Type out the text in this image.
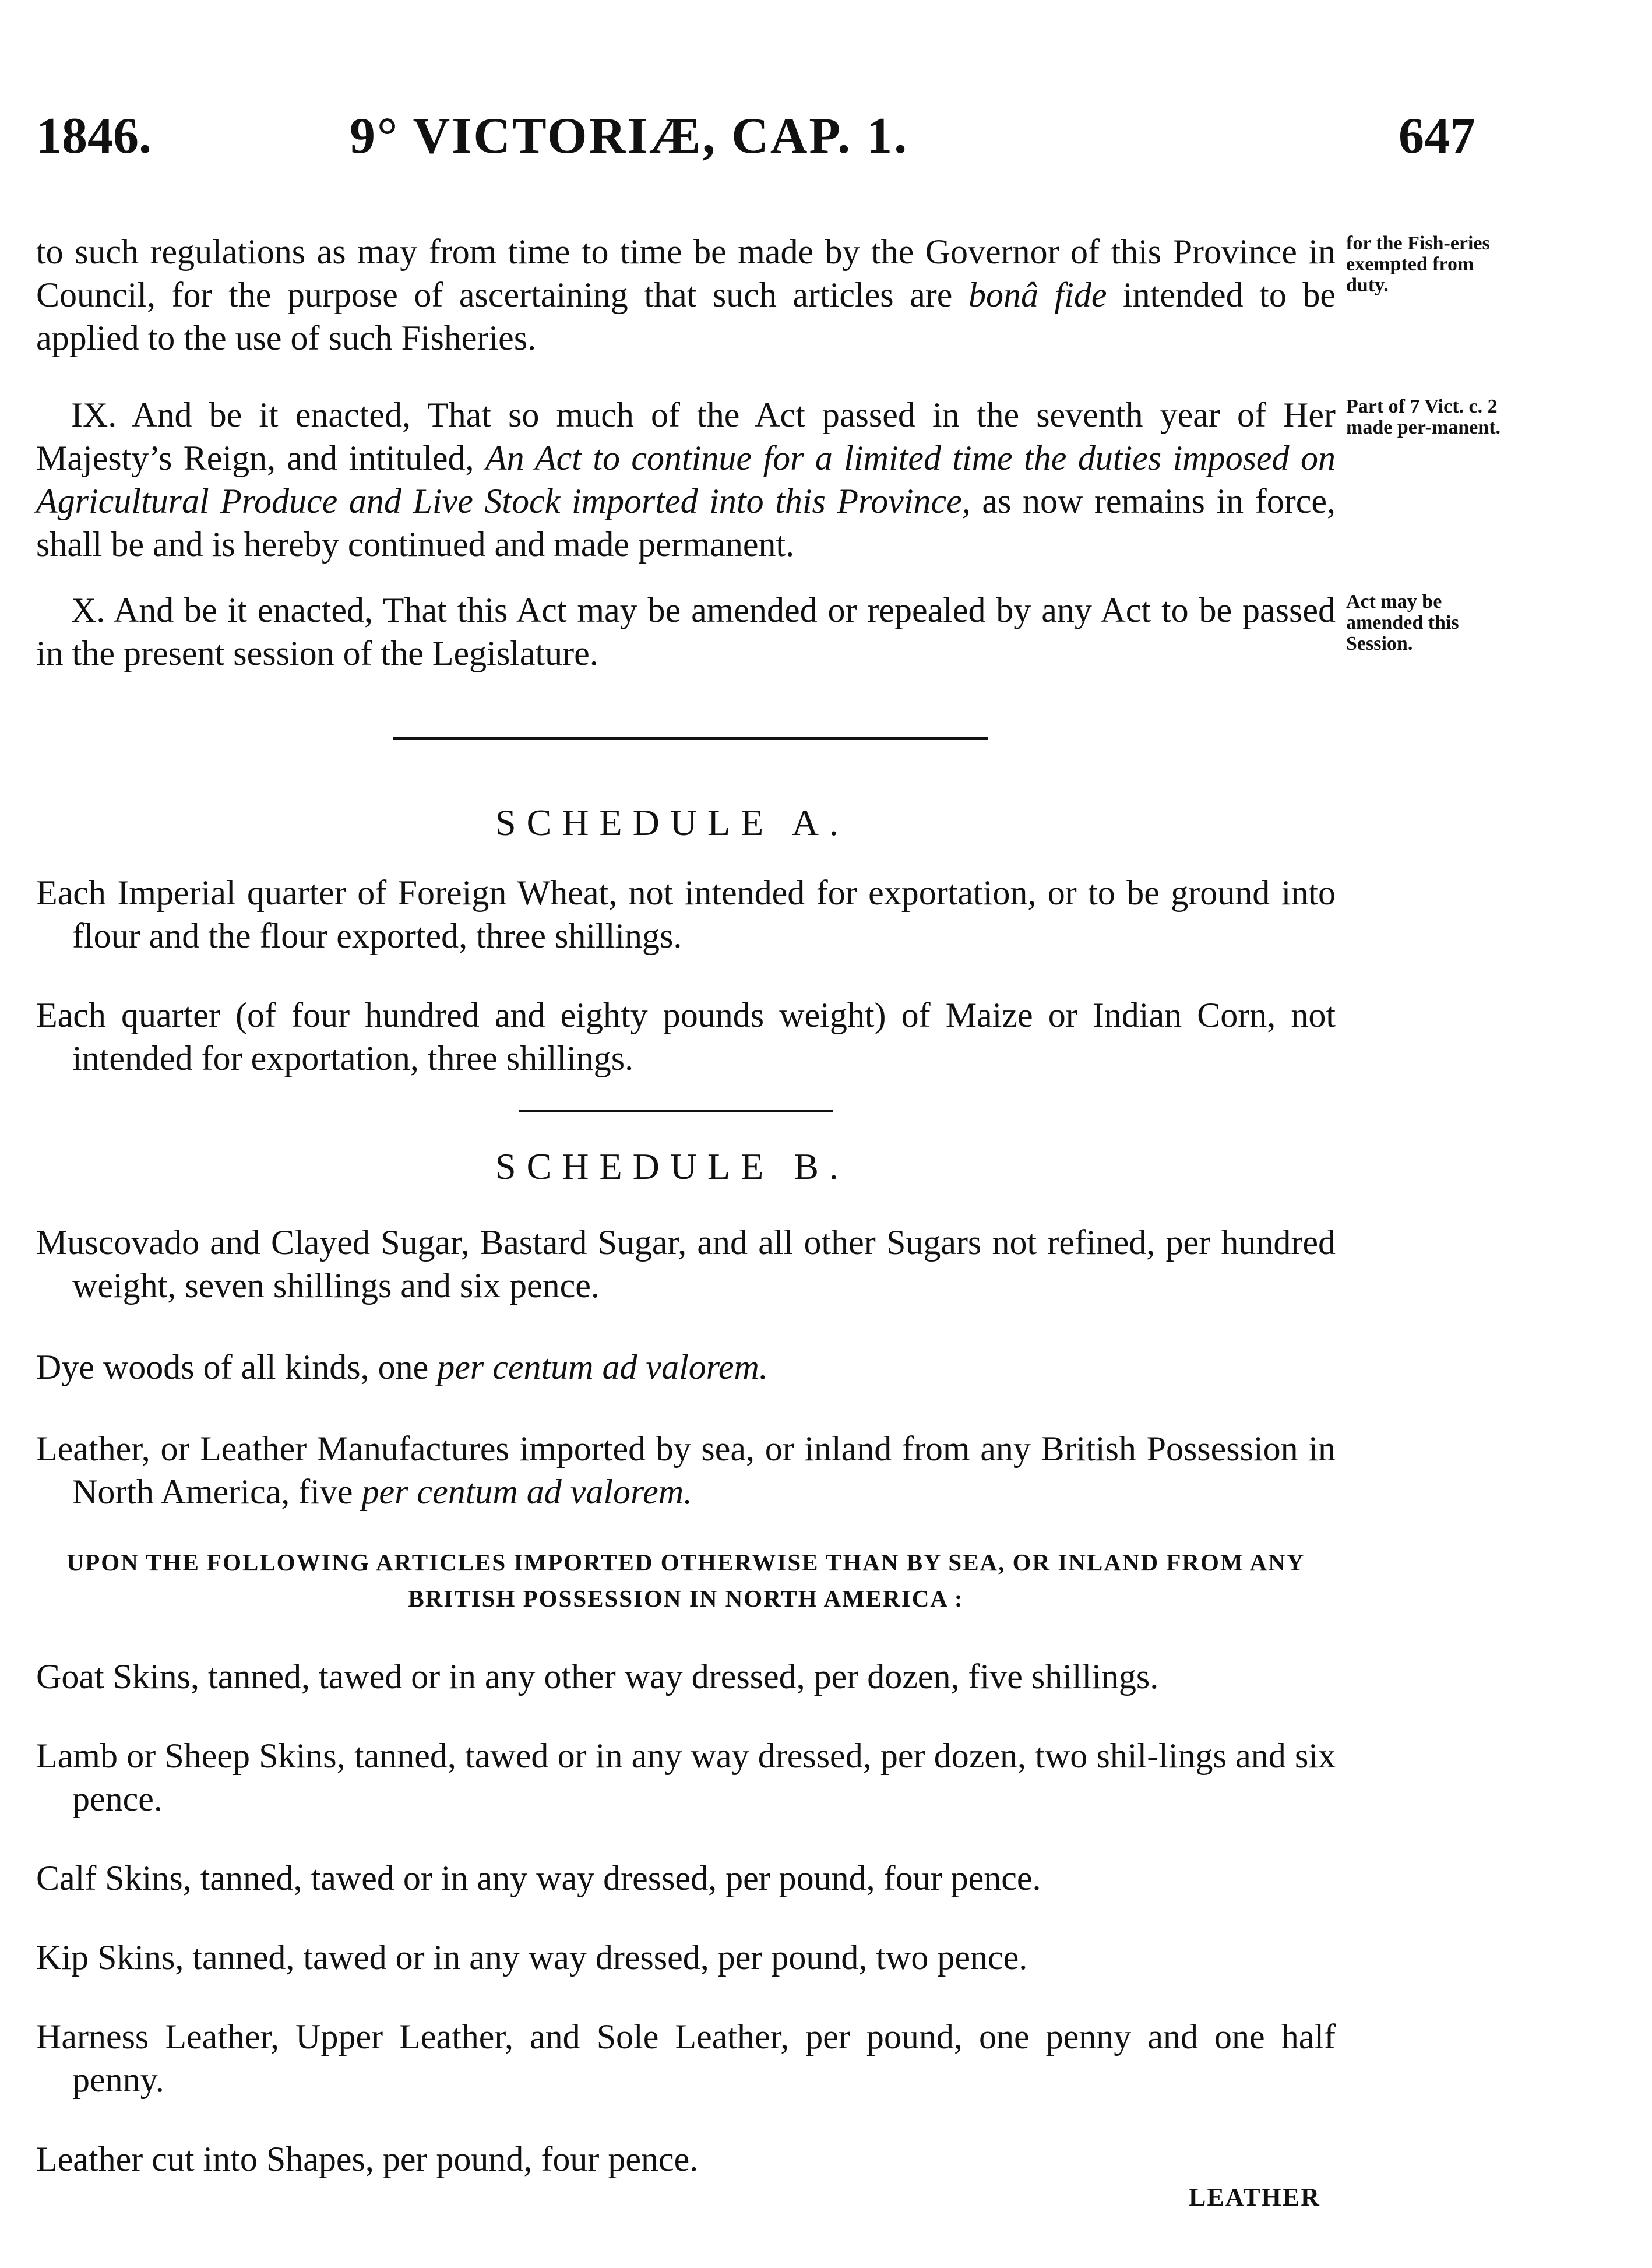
1846.	9° VICTORIÆ, CAP. 1.	647

to such regulations as may from time to time be made by the Governor of this Province in Council, for the purpose of ascertaining that such articles are bonâ fide intended to be applied to the use of such Fisheries.

for the Fish-eries exempted from duty.

IX. And be it enacted, That so much of the Act passed in the seventh year of Her Majesty’s Reign, and intituled, An Act to continue for a limited time the duties imposed on Agricultural Produce and Live Stock imported into this Province, as now remains in force, shall be and is hereby continued and made permanent.

Part of 7 Vict. c. 2 made per-manent.

X. And be it enacted, That this Act may be amended or repealed by any Act to be passed in the present session of the Legislature.

Act may be amended this Session.
SCHEDULE A.

Each Imperial quarter of Foreign Wheat, not intended for exportation, or to be ground into flour and the flour exported, three shillings.

Each quarter (of four hundred and eighty pounds weight) of Maize or Indian Corn, not intended for exportation, three shillings.

SCHEDULE B.

Muscovado and Clayed Sugar, Bastard Sugar, and all other Sugars not refined, per hundred weight, seven shillings and six pence.

Dye woods of all kinds, one per centum ad valorem.

Leather, or Leather Manufactures imported by sea, or inland from any British Possession in North America, five per centum ad valorem.

UPON THE FOLLOWING ARTICLES IMPORTED OTHERWISE THAN BY SEA, OR INLAND FROM ANY BRITISH POSSESSION IN NORTH AMERICA :

Goat Skins, tanned, tawed or in any other way dressed, per dozen, five shillings.

Lamb or Sheep Skins, tanned, tawed or in any way dressed, per dozen, two shil-lings and six pence.

Calf Skins, tanned, tawed or in any way dressed, per pound, four pence.

Kip Skins, tanned, tawed or in any way dressed, per pound, two pence.

Harness Leather, Upper Leather, and Sole Leather, per pound, one penny and one half penny.

Leather cut into Shapes, per pound, four pence.

LEATHER
